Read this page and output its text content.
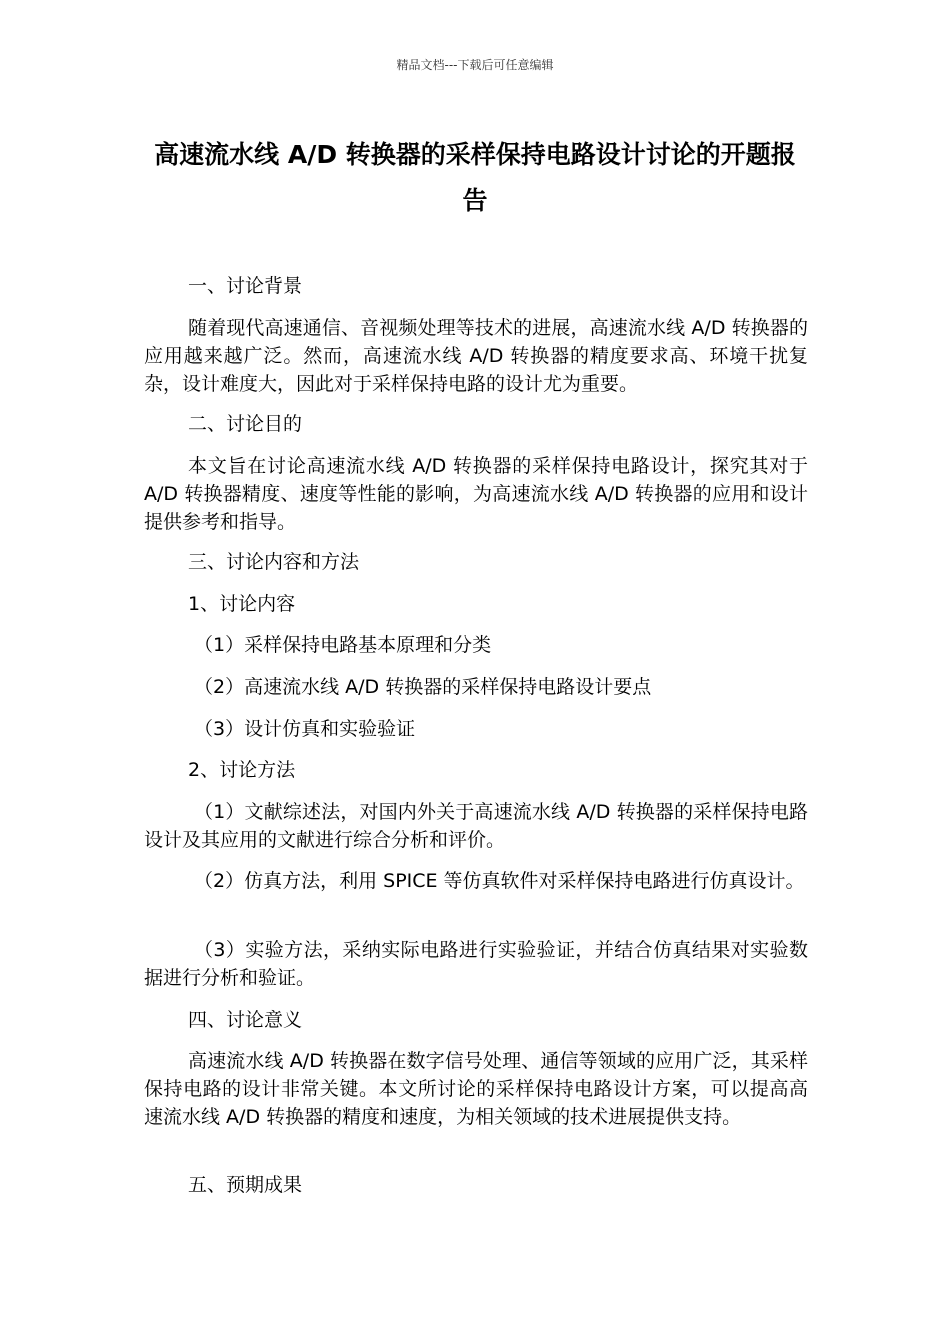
精品文档---下载后可任意编辑
高速流水线 A/D 转换器的采样保持电路设计讨论的开题报告
一、讨论背景
随着现代高速通信、音视频处理等技术的进展，高速流水线 A/D 转换器的应用越来越广泛。然而，高速流水线 A/D 转换器的精度要求高、环境干扰复杂，设计难度大，因此对于采样保持电路的设计尤为重要。
二、讨论目的
本文旨在讨论高速流水线 A/D 转换器的采样保持电路设计，探究其对于 A/D 转换器精度、速度等性能的影响，为高速流水线 A/D 转换器的应用和设计提供参考和指导。
三、讨论内容和方法
1、讨论内容
（1）采样保持电路基本原理和分类
（2）高速流水线 A/D 转换器的采样保持电路设计要点
（3）设计仿真和实验验证
2、讨论方法
（1）文献综述法，对国内外关于高速流水线 A/D 转换器的采样保持电路设计及其应用的文献进行综合分析和评价。
（2）仿真方法，利用 SPICE 等仿真软件对采样保持电路进行仿真设计。
（3）实验方法，采纳实际电路进行实验验证，并结合仿真结果对实验数据进行分析和验证。
四、讨论意义
高速流水线 A/D 转换器在数字信号处理、通信等领域的应用广泛，其采样保持电路的设计非常关键。本文所讨论的采样保持电路设计方案，可以提高高速流水线 A/D 转换器的精度和速度，为相关领域的技术进展提供支持。
五、预期成果
